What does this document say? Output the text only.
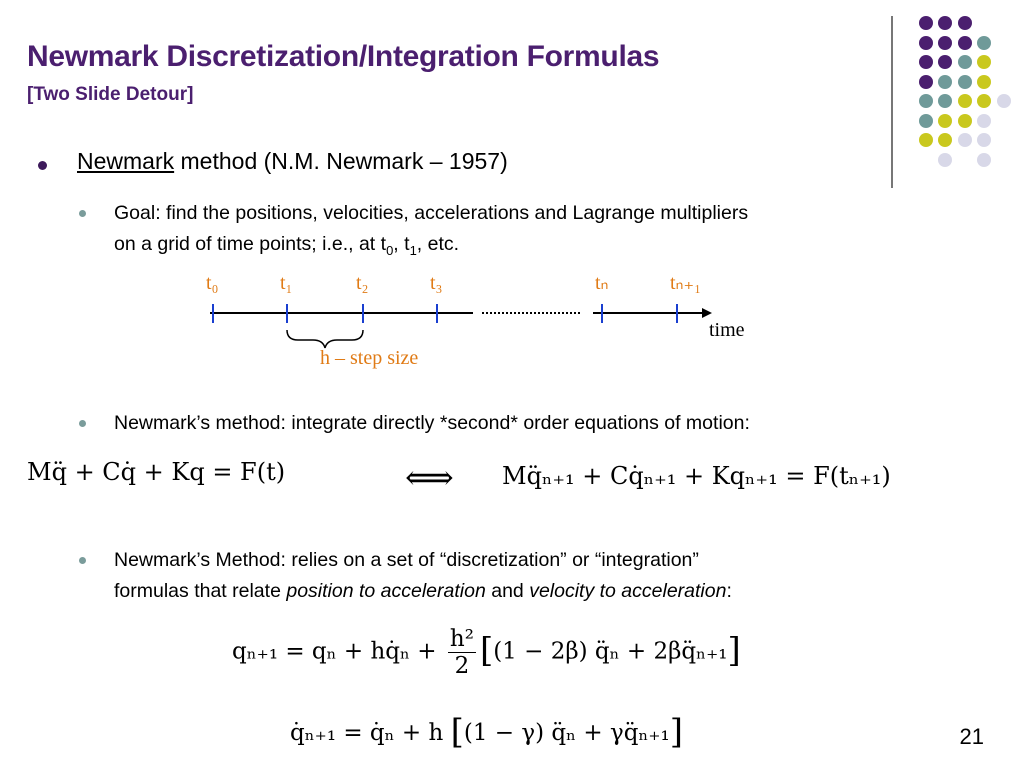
Newmark Discretization/Integration Formulas
[Two Slide Detour]
Newmark method (N.M. Newmark – 1957)
Goal: find the positions, velocities, accelerations and Lagrange multipliers
on a grid of time points; i.e., at $t_0$, $t_1$, etc.
t₀	t₁	t₂	t₃	tₙ	tₙ₊₁
time
h – step size
Newmark’s method: integrate directly *second* order equations of motion:
Mq̈ + Cq̇ + Kq = F(t)	⟺ Mq̈ₙ₊₁ + Cq̇ₙ₊₁ + Kqₙ₊₁ = F(tₙ₊₁)
Newmark’s Method: relies on a set of “discretization” or “integration”
formulas that relate position to acceleration and velocity to acceleration:
qₙ₊₁ = qₙ + hq̇ₙ + $\frac{\text{h²}}{2} [(1 - 2\beta)$ q̈ₙ + 2βq̈ₙ₊₁]
q̇ₙ₊₁ = q̇ₙ + h [(1 − γ) q̈ₙ + γq̈ₙ₊₁]	21
